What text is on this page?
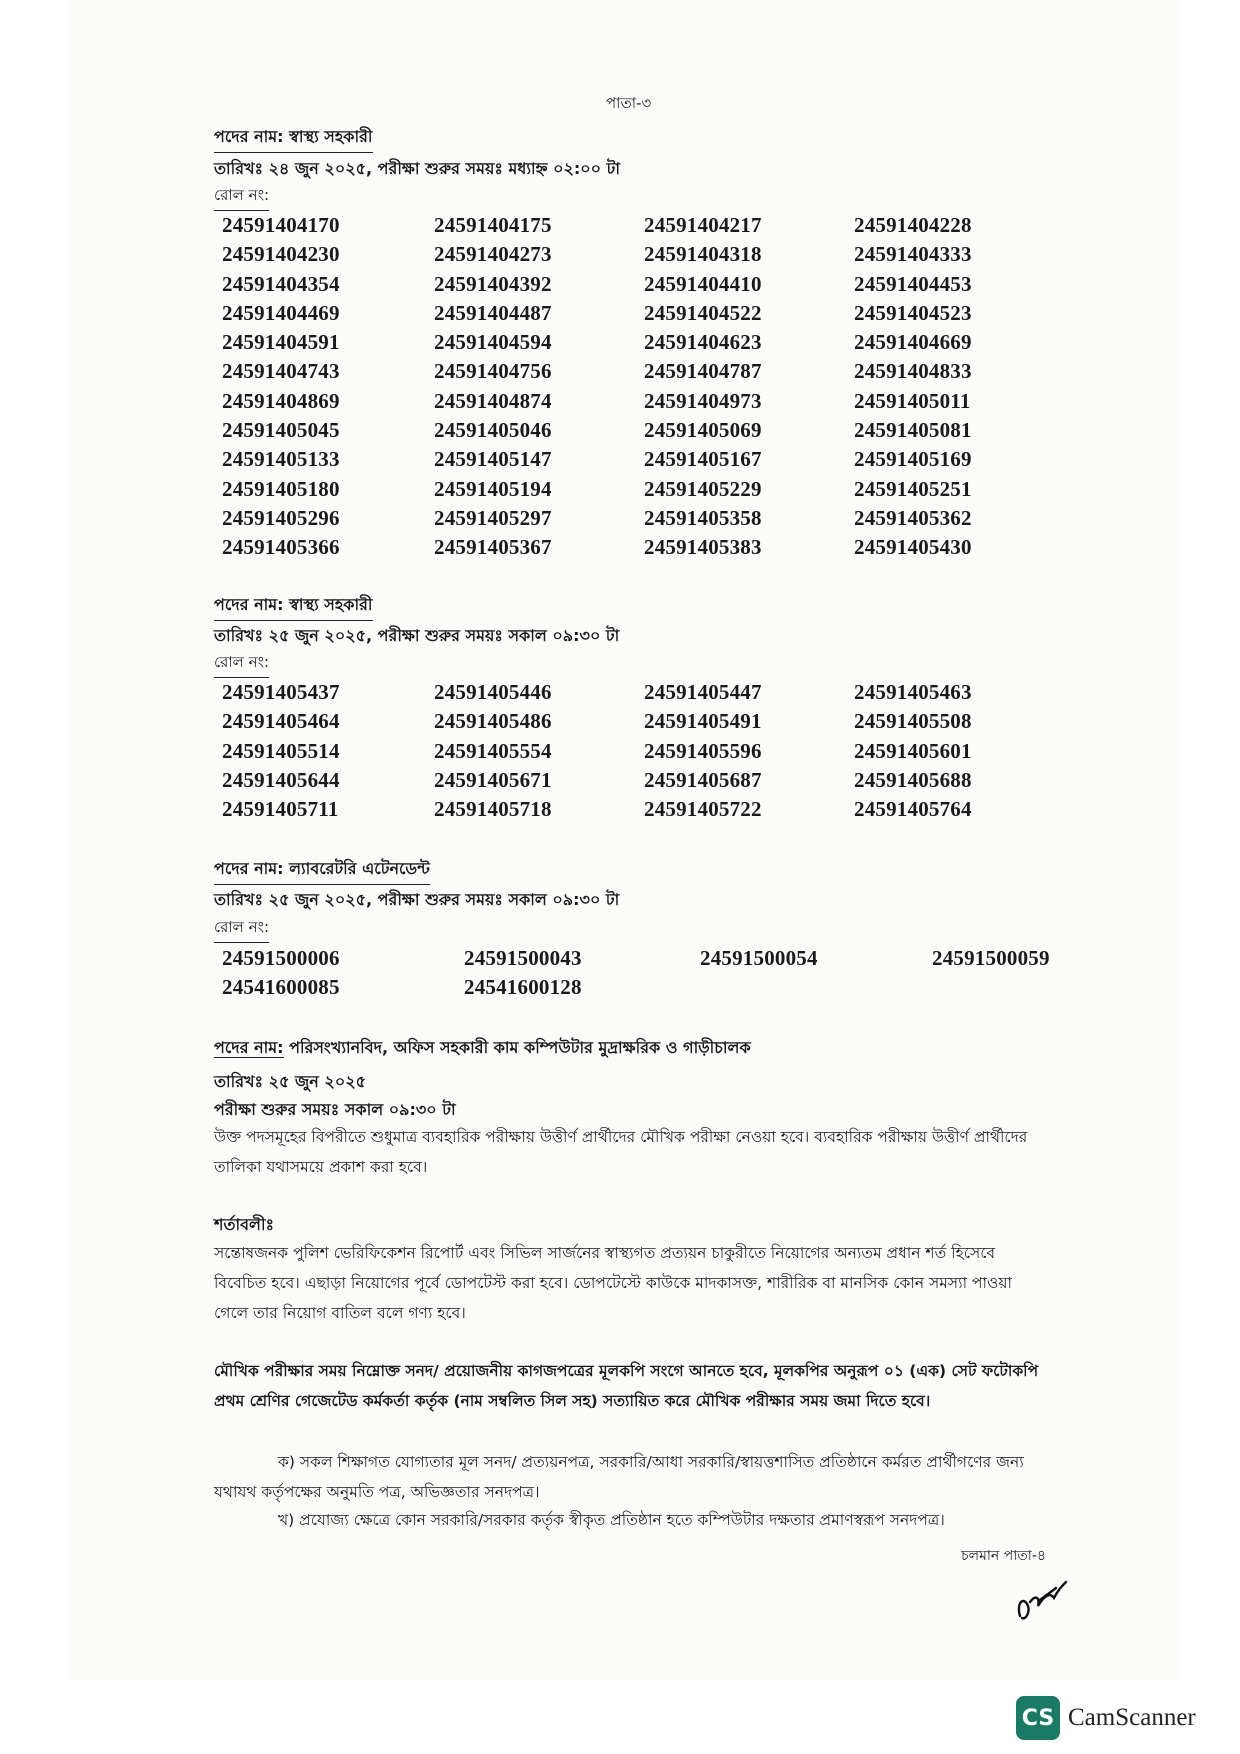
পাতা-৩
পদের নাম: স্বাস্থ্য সহকারী
তারিখঃ ২৪ জুন ২০২৫, পরীক্ষা শুরুর সময়ঃ মধ্যাহ্ন ০২:০০ টা
রোল নং:
24591404170	24591404175	24591404217	24591404228
24591404230	24591404273	24591404318	24591404333
24591404354	24591404392	24591404410	24591404453
24591404469	24591404487	24591404522	24591404523
24591404591	24591404594	24591404623	24591404669
24591404743	24591404756	24591404787	24591404833
24591404869	24591404874	24591404973	24591405011
24591405045	24591405046	24591405069	24591405081
24591405133	24591405147	24591405167	24591405169
24591405180	24591405194	24591405229	24591405251
24591405296	24591405297	24591405358	24591405362
24591405366	24591405367	24591405383	24591405430
পদের নাম: স্বাস্থ্য সহকারী
তারিখঃ ২৫ জুন ২০২৫, পরীক্ষা শুরুর সময়ঃ সকাল ০৯:৩০ টা
রোল নং:
24591405437	24591405446	24591405447	24591405463
24591405464	24591405486	24591405491	24591405508
24591405514	24591405554	24591405596	24591405601
24591405644	24591405671	24591405687	24591405688
24591405711	24591405718	24591405722	24591405764
পদের নাম: ল্যাবরেটরি এটেনডেন্ট
তারিখঃ ২৫ জুন ২০২৫, পরীক্ষা শুরুর সময়ঃ সকাল ০৯:৩০ টা
রোল নং:
24591500006	24591500043	24591500054	24591500059
24541600085	24541600128
পদের নাম: পরিসংখ্যানবিদ, অফিস সহকারী কাম কম্পিউটার মুদ্রাক্ষরিক ও গাড়ীচালক
তারিখঃ ২৫ জুন ২০২৫
পরীক্ষা শুরুর সময়ঃ সকাল ০৯:৩০ টা
উক্ত পদসমূহের বিপরীতে শুধুমাত্র ব্যবহারিক পরীক্ষায় উত্তীর্ণ প্রার্থীদের মৌখিক পরীক্ষা নেওয়া হবে। ব্যবহারিক পরীক্ষায় উত্তীর্ণ প্রার্থীদের তালিকা যথাসময়ে প্রকাশ করা হবে।
শর্তাবলীঃ
সন্তোষজনক পুলিশ ভেরিফিকেশন রিপোর্ট এবং সিভিল সার্জনের স্বাস্থ্যগত প্রত্যয়ন চাকুরীতে নিয়োগের অন্যতম প্রধান শর্ত হিসেবে বিবেচিত হবে। এছাড়া নিয়োগের পূর্বে ডোপটেস্ট করা হবে। ডোপটেস্টে কাউকে মাদকাসক্ত, শারীরিক বা মানসিক কোন সমস্যা পাওয়া গেলে তার নিয়োগ বাতিল বলে গণ্য হবে।
মৌখিক পরীক্ষার সময় নিম্নোক্ত সনদ/ প্রয়োজনীয় কাগজপত্রের মূলকপি সংগে আনতে হবে, মূলকপির অনুরূপ ০১ (এক) সেট ফটোকপি প্রথম শ্রেণির গেজেটেড কর্মকর্তা কর্তৃক (নাম সম্বলিত সিল সহ) সত্যায়িত করে মৌখিক পরীক্ষার সময় জমা দিতে হবে।
ক) সকল শিক্ষাগত যোগ্যতার মূল সনদ/ প্রত্যয়নপত্র, সরকারি/আধা সরকারি/স্বায়ত্তশাসিত প্রতিষ্ঠানে কর্মরত প্রার্থীগণের জন্য যথাযথ কর্তৃপক্ষের অনুমতি পত্র, অভিজ্ঞতার সনদপত্র।
খ) প্রযোজ্য ক্ষেত্রে কোন সরকারি/সরকার কর্তৃক স্বীকৃত প্রতিষ্ঠান হতে কম্পিউটার দক্ষতার প্রমাণস্বরূপ সনদপত্র।
চলমান পাতা-৪
CS CamScanner
